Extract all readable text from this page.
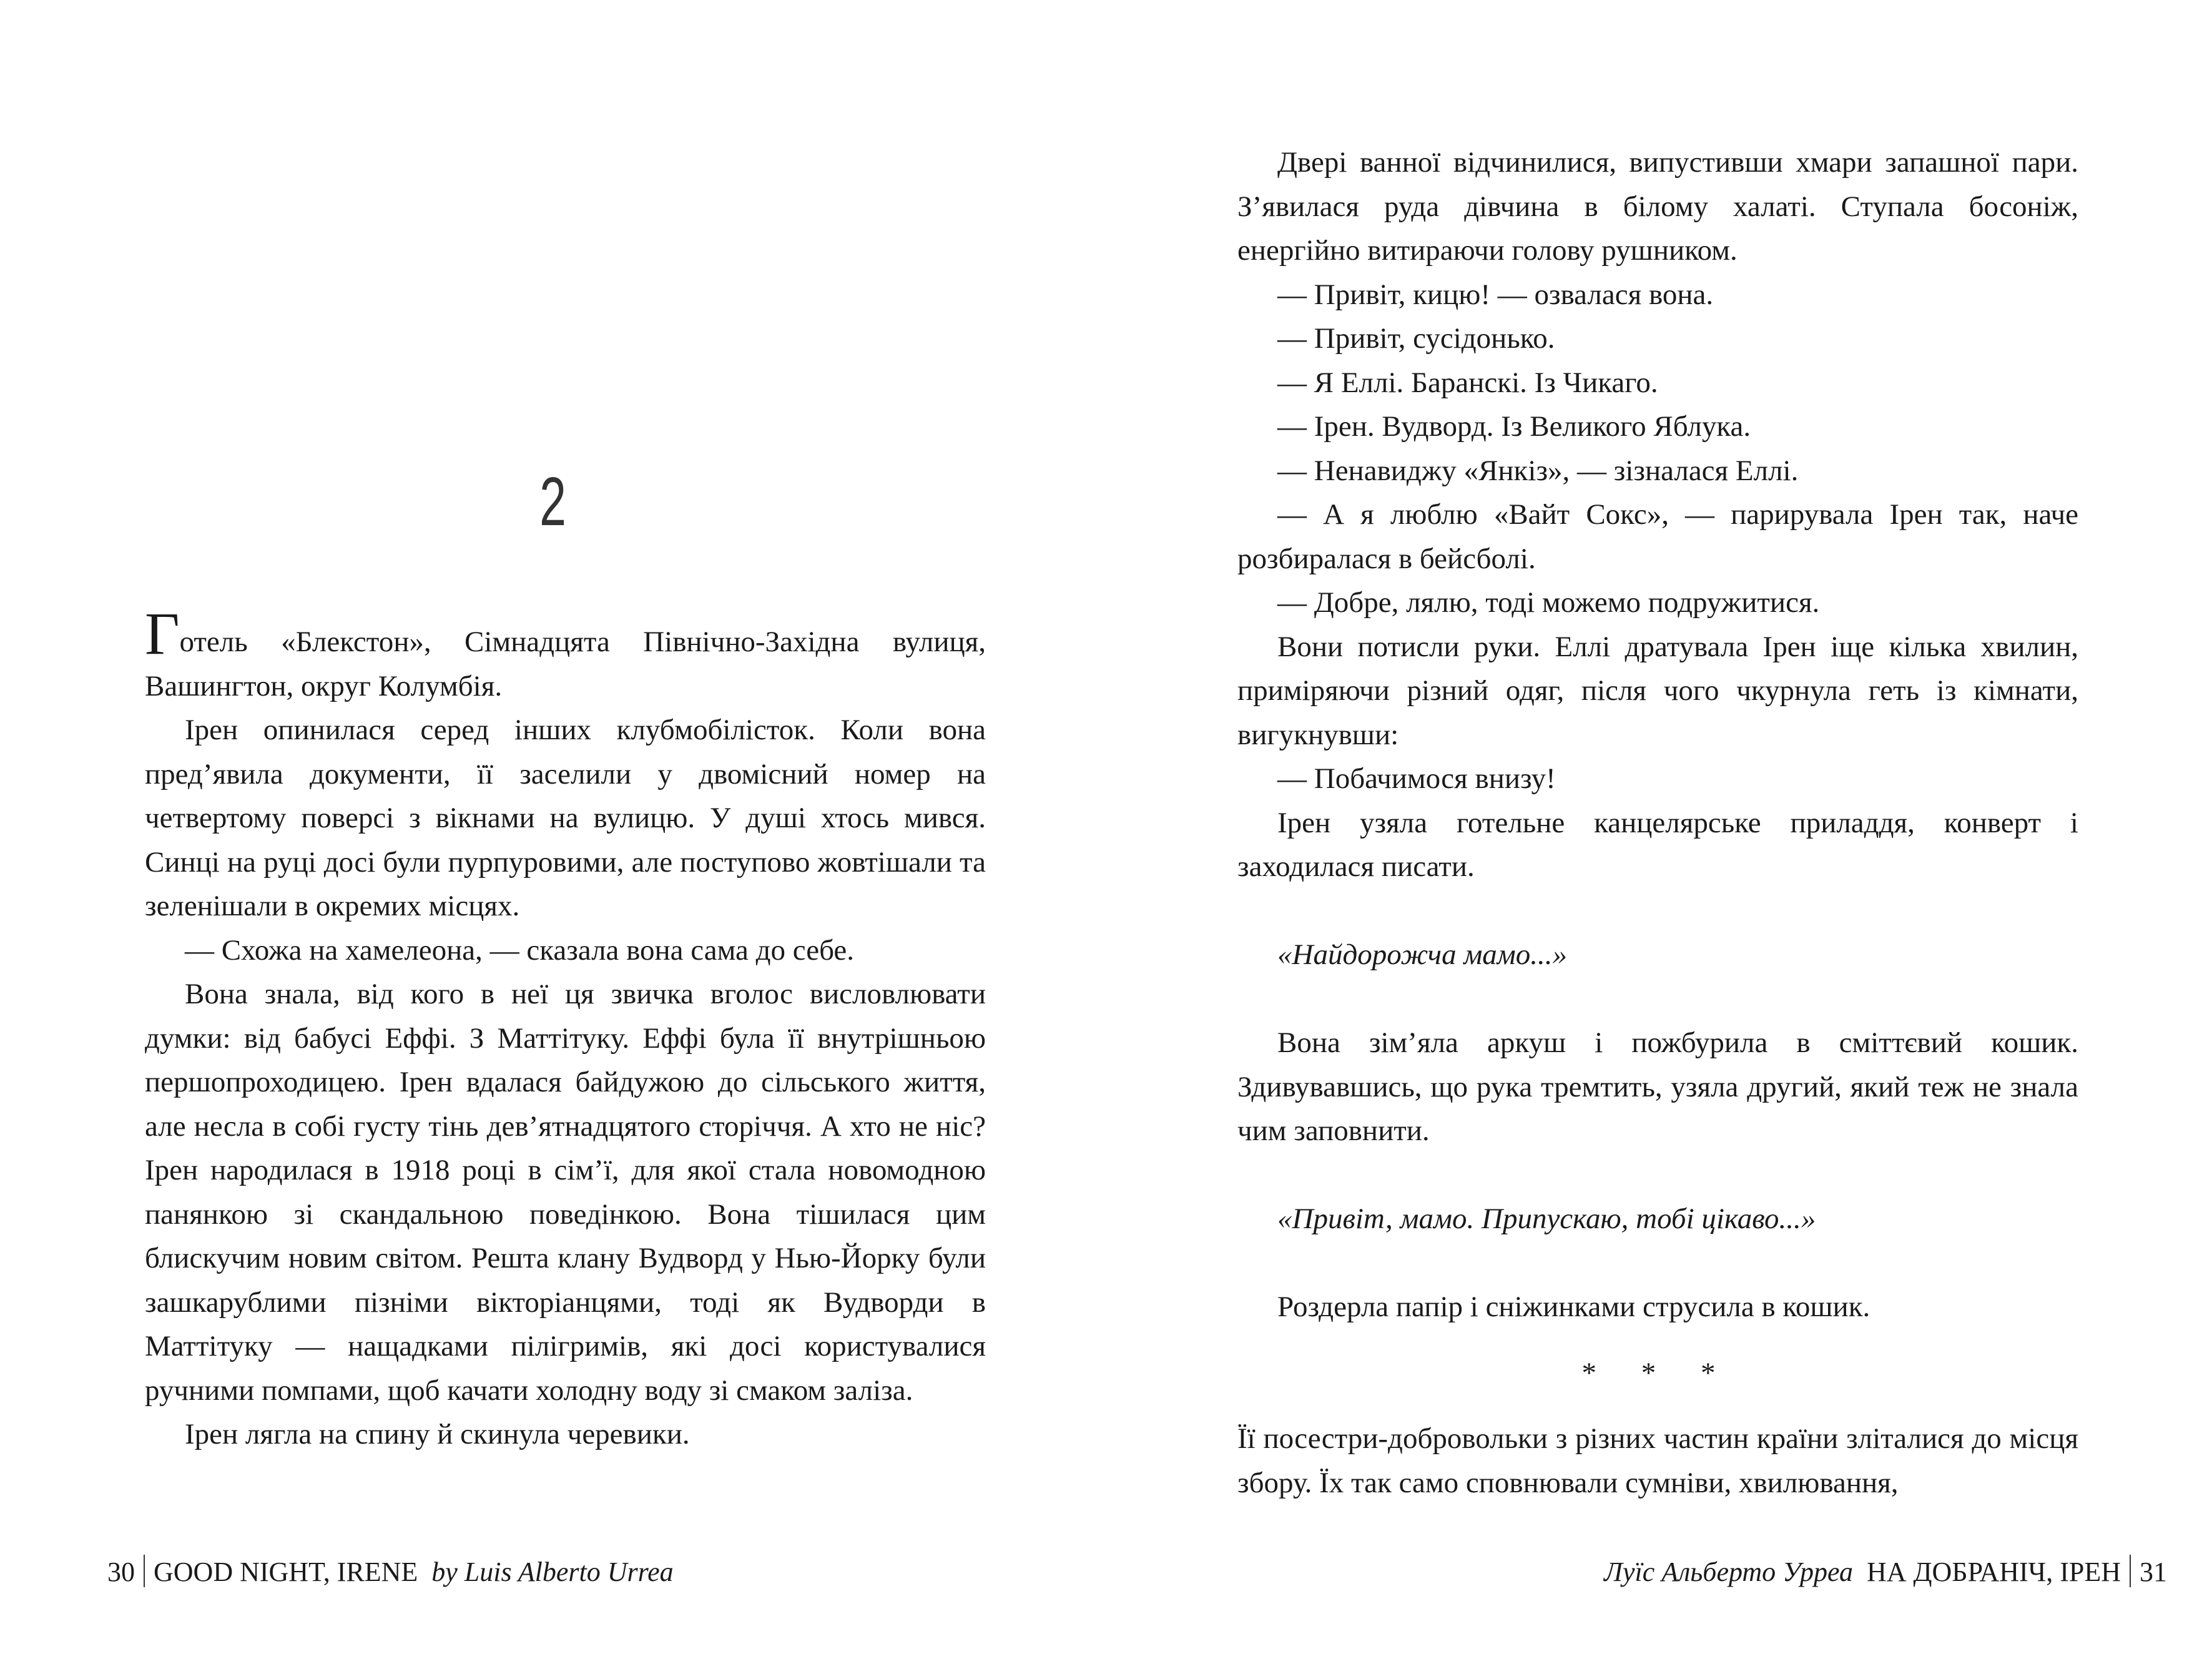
2

Готель «Блекстон», Сімнадцята Північно-Західна вулиця, Вашингтон, округ Колумбія.

Ірен опинилася серед інших клубмобілісток. Коли вона пред’явила документи, її заселили у двомісний номер на четвертому поверсі з вікнами на вулицю. У душі хтось мився. Синці на руці досі були пурпуровими, але поступово жовтішали та зеленішали в окремих місцях.

— Схожа на хамелеона, — сказала вона сама до себе.

Вона знала, від кого в неї ця звичка вголос висловлювати думки: від бабусі Еффі. З Маттітуку. Еффі була її внутрішньою першопроходицею. Ірен вдалася байдужою до сільського життя, але несла в собі густу тінь дев’ятнадцятого сторіччя. А хто не ніс? Ірен народилася в 1918 році в сім’ї, для якої стала новомодною панянкою зі скандальною поведінкою. Вона тішилася цим блискучим новим світом. Решта клану Вудворд у Нью-Йорку були зашкарублими пізніми вікторіанцями, тоді як Вудворди в Маттітуку — нащадками пілігримів, які досі користувалися ручними помпами, щоб качати холодну воду зі смаком заліза.

Ірен лягла на спину й скинула черевики.

30 GOOD NIGHT, IRENE by Luis Alberto Urrea

Двері ванної відчинилися, випустивши хмари запашної пари. З’явилася руда дівчина в білому халаті. Ступала босоніж, енергійно витираючи голову рушником.

— Привіт, кицю! — озвалася вона.

— Привіт, сусідонько.

— Я Еллі. Баранскі. Із Чикаго.

— Ірен. Вудворд. Із Великого Яблука.

— Ненавиджу «Янкіз», — зізналася Еллі.

— А я люблю «Вайт Сокс», — парирувала Ірен так, наче розбиралася в бейсболі.

— Добре, лялю, тоді можемо подружитися.

Вони потисли руки. Еллі дратувала Ірен іще кілька хвилин, приміряючи різний одяг, після чого чкурнула геть із кімнати, вигукнувши:

— Побачимося внизу!

Ірен узяла готельне канцелярське приладдя, конверт і заходилася писати.

«Найдорожча мамо...»

Вона зім’яла аркуш і пожбурила в сміттєвий кошик. Здивувавшись, що рука тремтить, узяла другий, який теж не знала чим заповнити.

«Привіт, мамо. Припускаю, тобі цікаво...»

Роздерла папір і сніжинками струсила в кошик.

* * *

Її посестри-добровольки з різних частин країни зліталися до місця збору. Їх так само сповнювали сумніви, хвилювання,

Луїс Альберто Урреа НА ДОБРАНІЧ, ІРЕН 31
